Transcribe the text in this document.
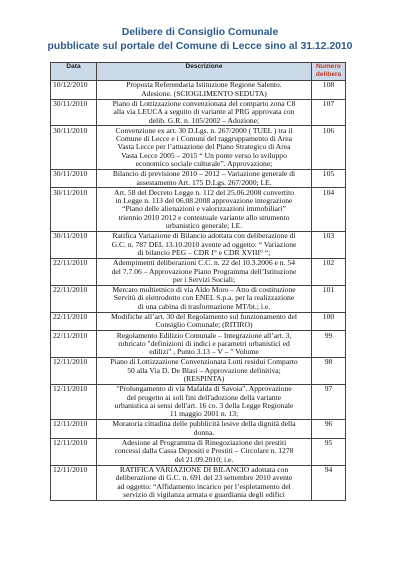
Delibere di Consiglio Comunale
pubblicate sul portale del Comune di Lecce sino al 31.12.2010
Data	Descrizione	Numero
delibera

10/12/2010	Proposta Referendaria Istituzione Regione Salento.
Adesione. (SCIOGLIMENTO SEDUTA)	108
30/11/2010	Piano di Lottizzazione convenzionata del comparto zona C8
alla via LEUCA a seguito di variante al PRG approvata con
delib. G.R. n. 105/2002 – Adozione;	107
30/11/2010	Convenzione ex art. 30 D.Lgs. n. 267/2000 ( TUEL ) tra il
Comune di Lecce e i Comuni del raggruppamento di Area
Vasta Lecce per l’attuazione del Piano Strategico di Area
Vasta Lecce 2005 – 2015 “ Un ponte verso lo sviluppo
economico sociale culturale”. Approvazione;	106
30/11/2010	Bilancio di previsione 2010 – 2012 – Variazione generale di
assestamento Art. 175 D.Lgs. 267/2000; I.E.	105
30/11/2010	Art. 58 del Decreto Legge n. 112 del 25.06.2008 convertito
in Legge n. 113 del 06.08.2008 approvazione integrazione
“Piano delle alienazioni e valorizzazioni immobiliari”
triennio 2010 2012 e contestuale variante allo strumento
urbanistico generale; I.E.	104
30/11/2010	Ratifica Variazione di Bilancio adottata con deliberazione di
G.C. n. 787 DEL 13.10.2010 avente ad oggetto: “ Variazione
di bilancio PEG – CDR I° e CDR XVIII° “;	103
22/11/2010	Adempimenti deliberazioni C.C. n. 22 del 10.3.2006 e n. 54
del 7.7.06 – Approvazione Piano Programma dell’Istituzione
per i Servizi Sociali;	102
22/11/2010	Mercato multietnico di via Aldo Moro – Atto di costituzione
Servitù di elettrodotto con ENEL S.p.a. per la realizzazione
di una cabina di trasformazione MT/bt.; i.e.	101
22/11/2010	Modifiche all’art. 30 del Regolamento sul funzionamento del
Consiglio Comunale; (RITIRO)	100
22/11/2010	Regolamento Edilizio Comunale – Integrazione all’art. 3,
rubricato "definizioni di indici e parametri urbanistici ed
edilizi" , Punto 3.13 – V – " Volume	99
12/11/2010	Piano di Lottizzazione Convenzionata Lotti residui Comparto
50 alla Via D. De Blasi – Approvazione definitiva;
(RESPINTA)	98
12/11/2010	"Prolungamento di via Mafalda di Savoia". Approvazione
del progetto ai soli fini dell'adozione della variante
urbanistica ai sensi dell'art. 16 co. 3 della Legge Regionale
11 maggio 2001 n. 13;	97
12/11/2010	Moratoria cittadina delle pubblicità lesive della dignità della
donna.	96
12/11/2010	Adesione al Programma di Rinegoziazione dei prestiti
concessi dalla Cassa Depositi e Prestiti – Circolare n. 1278
del 21.09.2010; i.e.	95
12/11/2010	RATIFICA VARIAZIONE DI BILANCIO adottata con
deliberazione di G.C. n. 691 del 23 settembre 2010 avente
ad oggetto: “Affidamento incarico per l’espletamento del
servizio di vigilanza armata e guardiania degli edifici	94
